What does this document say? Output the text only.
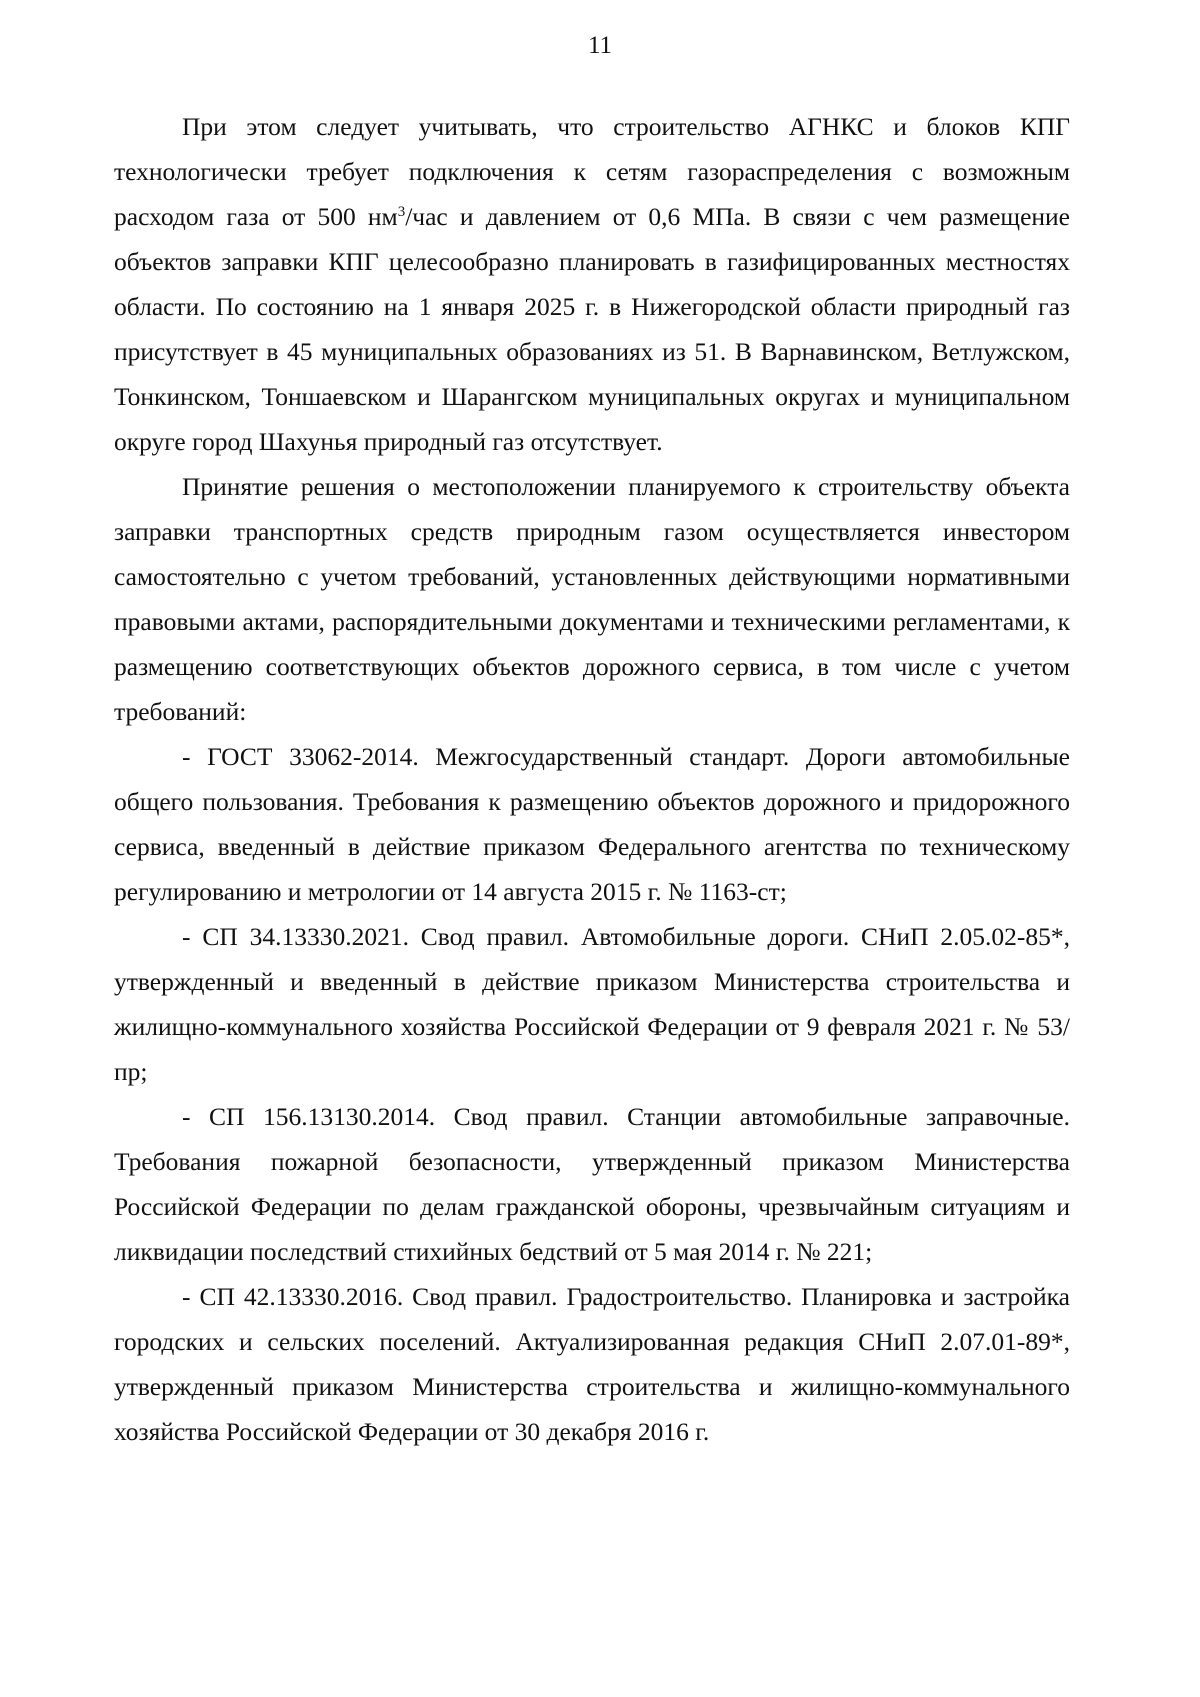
11

При этом следует учитывать, что строительство АГНКС и блоков КПГ технологически требует подключения к сетям газораспределения с возможным расходом газа от 500 $нм^3$/час и давлением от 0,6 МПа. В связи с чем размещение объектов заправки КПГ целесообразно планировать в газифицированных местностях области. По состоянию на 1 января 2025 г. в Нижегородской области природный газ присутствует в 45 муниципальных образованиях из 51. В Варнавинском, Ветлужском, Тонкинском, Тоншаевском и Шарангском муниципальных округах и муниципальном округе город Шахунья природный газ отсутствует.

Принятие решения о местоположении планируемого к строительству объекта заправки транспортных средств природным газом осуществляется инвестором самостоятельно с учетом требований, установленных действующими нормативными правовыми актами, распорядительными документами и техническими регламентами, к размещению соответствующих объектов дорожного сервиса, в том числе с учетом требований:

- ГОСТ 33062-2014. Межгосударственный стандарт. Дороги автомобильные общего пользования. Требования к размещению объектов дорожного и придорожного сервиса, введенный в действие приказом Федерального агентства по техническому регулированию и метрологии от 14 августа 2015 г. № 1163-ст;

- СП 34.13330.2021. Свод правил. Автомобильные дороги. СНиП 2.05.02-85*, утвержденный и введенный в действие приказом Министерства строительства и жилищно-коммунального хозяйства Российской Федерации от 9 февраля 2021 г. № 53/пр;

- СП 156.13130.2014. Свод правил. Станции автомобильные заправочные. Требования пожарной безопасности, утвержденный приказом Министерства Российской Федерации по делам гражданской обороны, чрезвычайным ситуациям и ликвидации последствий стихийных бедствий от 5 мая 2014 г. № 221;

- СП 42.13330.2016. Свод правил. Градостроительство. Планировка и застройка городских и сельских поселений. Актуализированная редакция СНиП 2.07.01-89*, утвержденный приказом Министерства строительства и жилищно-коммунального хозяйства Российской Федерации от 30 декабря 2016 г.
